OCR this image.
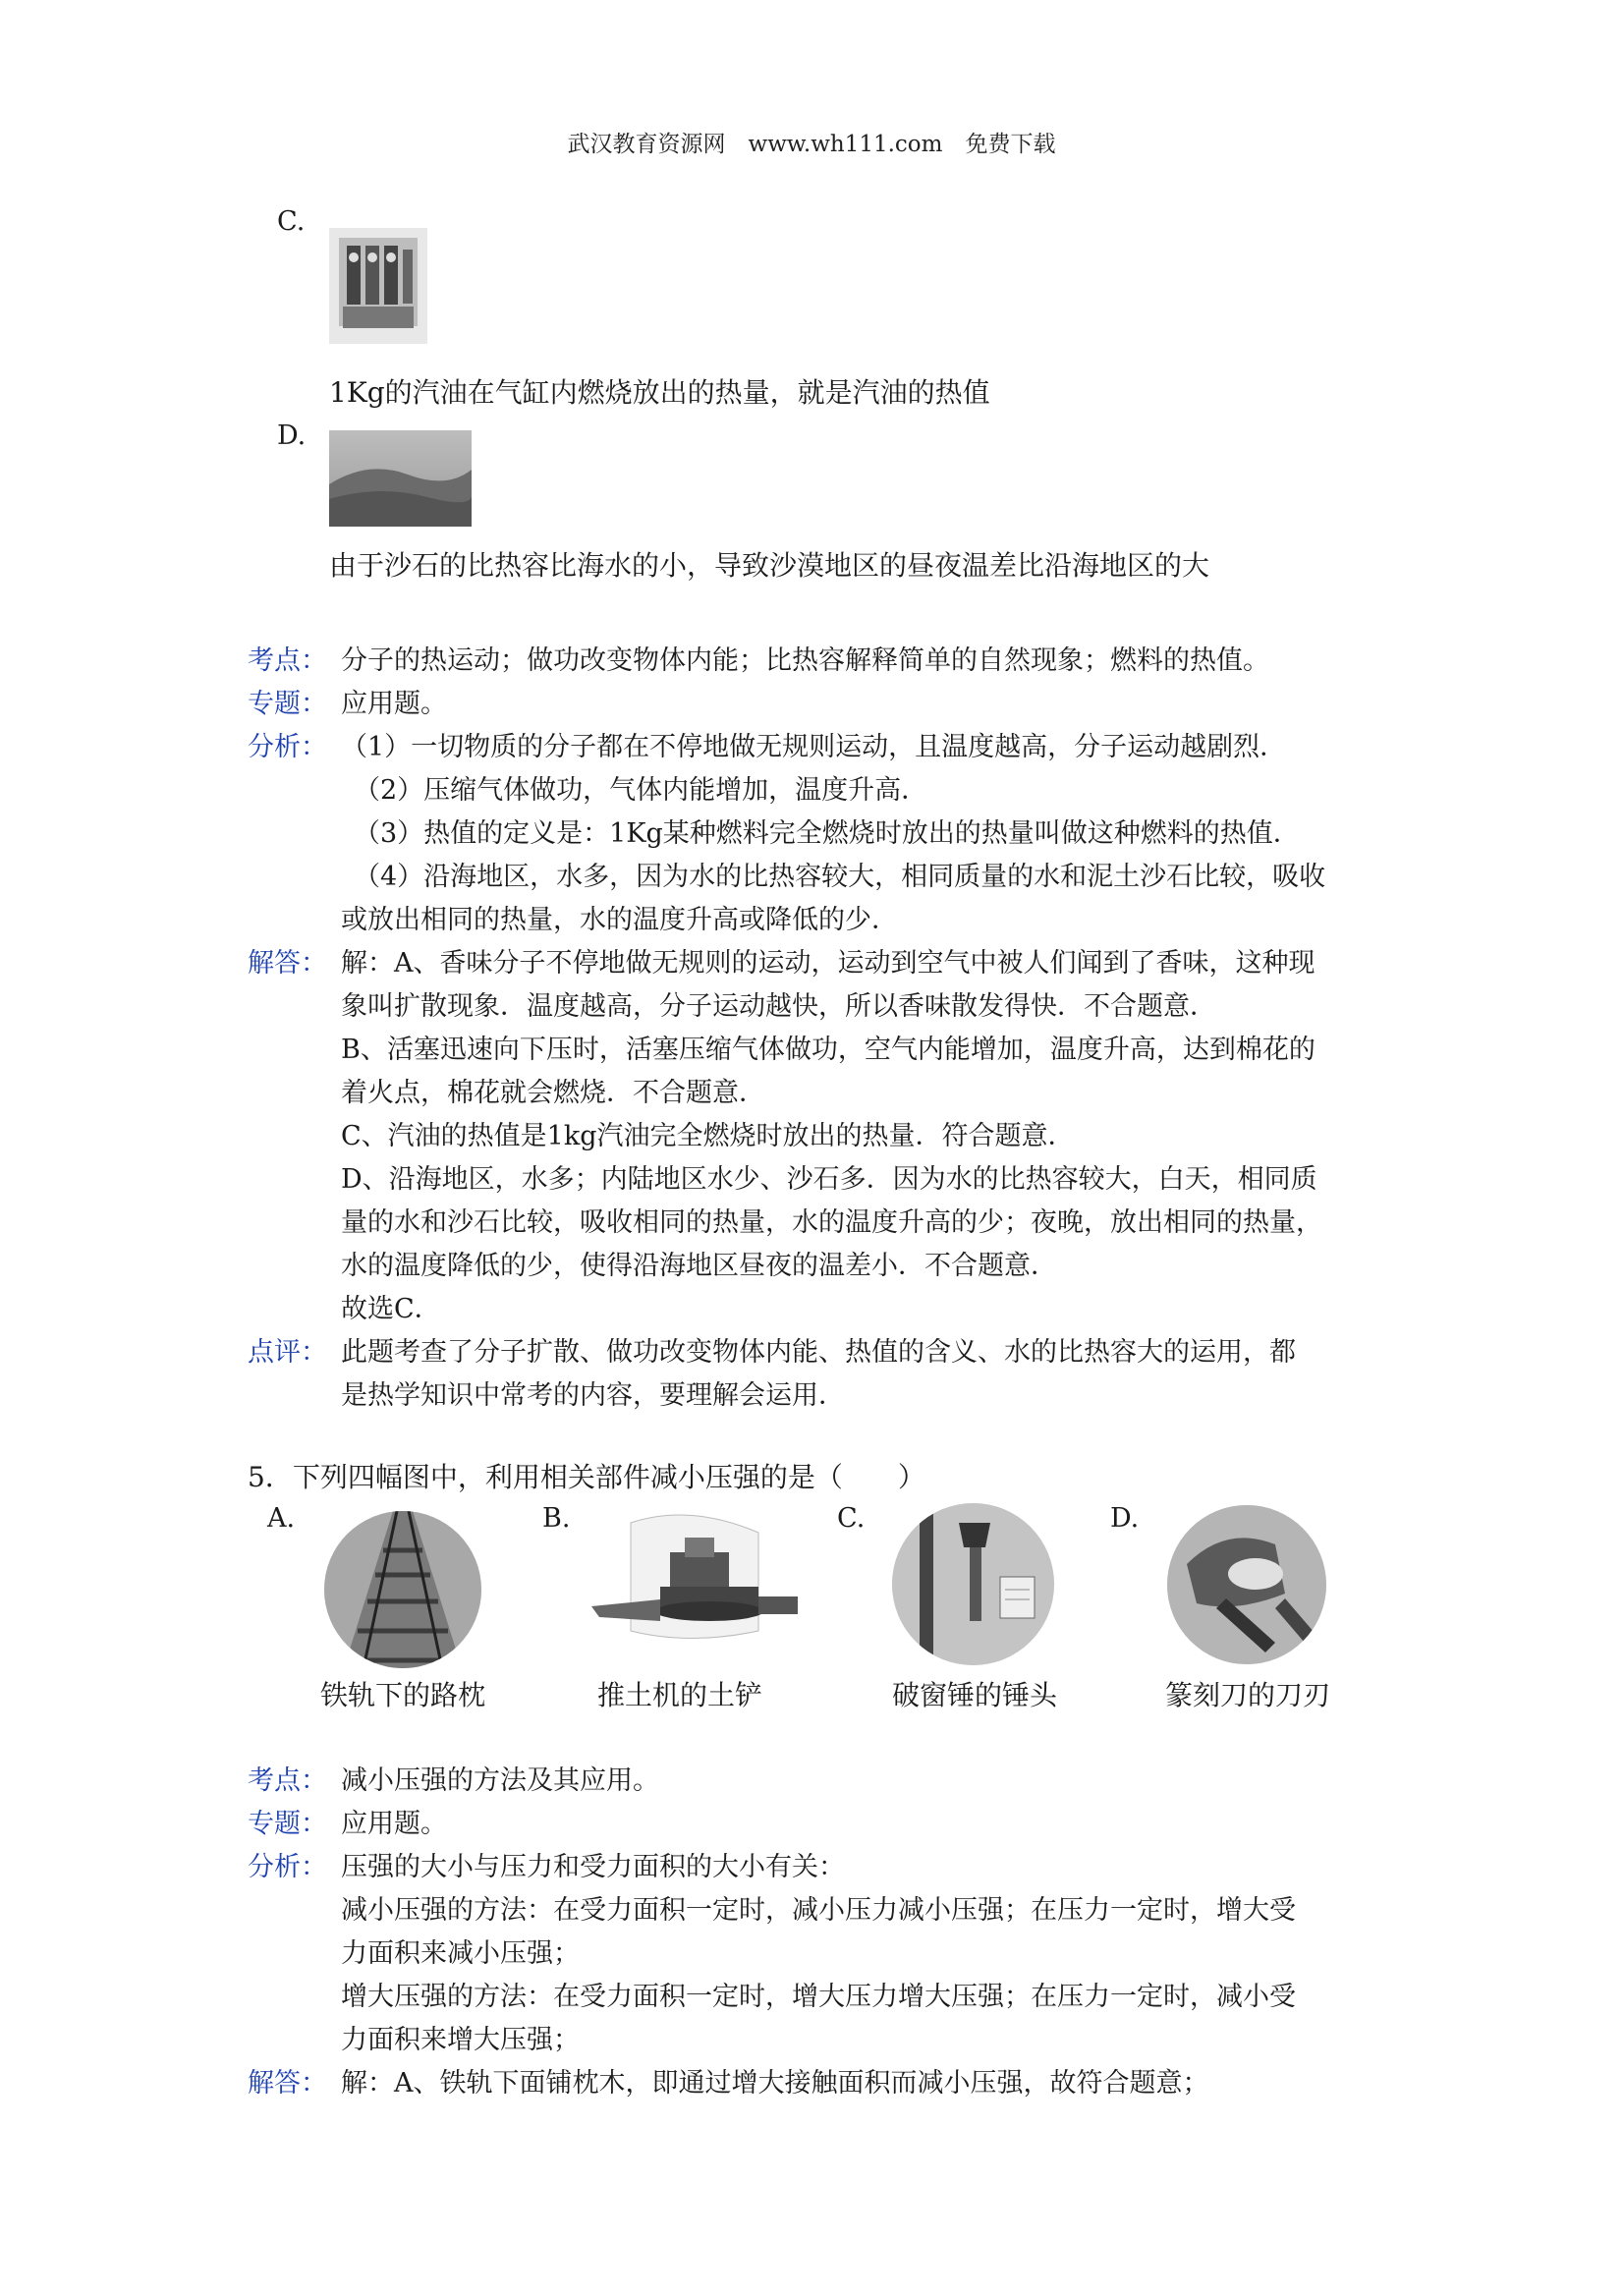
武汉教育资源网　www.wh111.com　免费下载
C.
1Kg的汽油在气缸内燃烧放出的热量，就是汽油的热值
D.
由于沙石的比热容比海水的小，导致沙漠地区的昼夜温差比沿海地区的大
考点： 分子的热运动；做功改变物体内能；比热容解释简单的自然现象；燃料的热值。
专题： 应用题。
分析： （1）一切物质的分子都在不停地做无规则运动，且温度越高，分子运动越剧烈．
（2）压缩气体做功，气体内能增加，温度升高．
（3）热值的定义是：1Kg某种燃料完全燃烧时放出的热量叫做这种燃料的热值．
（4）沿海地区，水多，因为水的比热容较大，相同质量的水和泥土沙石比较，吸收
或放出相同的热量，水的温度升高或降低的少．
解答： 解：A、香味分子不停地做无规则的运动，运动到空气中被人们闻到了香味，这种现
象叫扩散现象．温度越高，分子运动越快，所以香味散发得快．不合题意．
B、活塞迅速向下压时，活塞压缩气体做功，空气内能增加，温度升高，达到棉花的
着火点，棉花就会燃烧．不合题意．
C、汽油的热值是1kg汽油完全燃烧时放出的热量．符合题意．
D、沿海地区，水多；内陆地区水少、沙石多．因为水的比热容较大，白天，相同质
量的水和沙石比较，吸收相同的热量，水的温度升高的少；夜晚，放出相同的热量，
水的温度降低的少，使得沿海地区昼夜的温差小．不合题意．
故选C．
点评： 此题考查了分子扩散、做功改变物体内能、热值的含义、水的比热容大的运用，都
是热学知识中常考的内容，要理解会运用．
5．下列四幅图中，利用相关部件减小压强的是（　　）
A.
铁轨下的路枕
B.
推土机的土铲
C.
破窗锤的锤头
D.
篆刻刀的刀刃
考点： 减小压强的方法及其应用。
专题： 应用题。
分析： 压强的大小与压力和受力面积的大小有关：
减小压强的方法：在受力面积一定时，减小压力减小压强；在压力一定时，增大受
力面积来减小压强；
增大压强的方法：在受力面积一定时，增大压力增大压强；在压力一定时，减小受
力面积来增大压强；
解答： 解：A、铁轨下面铺枕木，即通过增大接触面积而减小压强，故符合题意；
